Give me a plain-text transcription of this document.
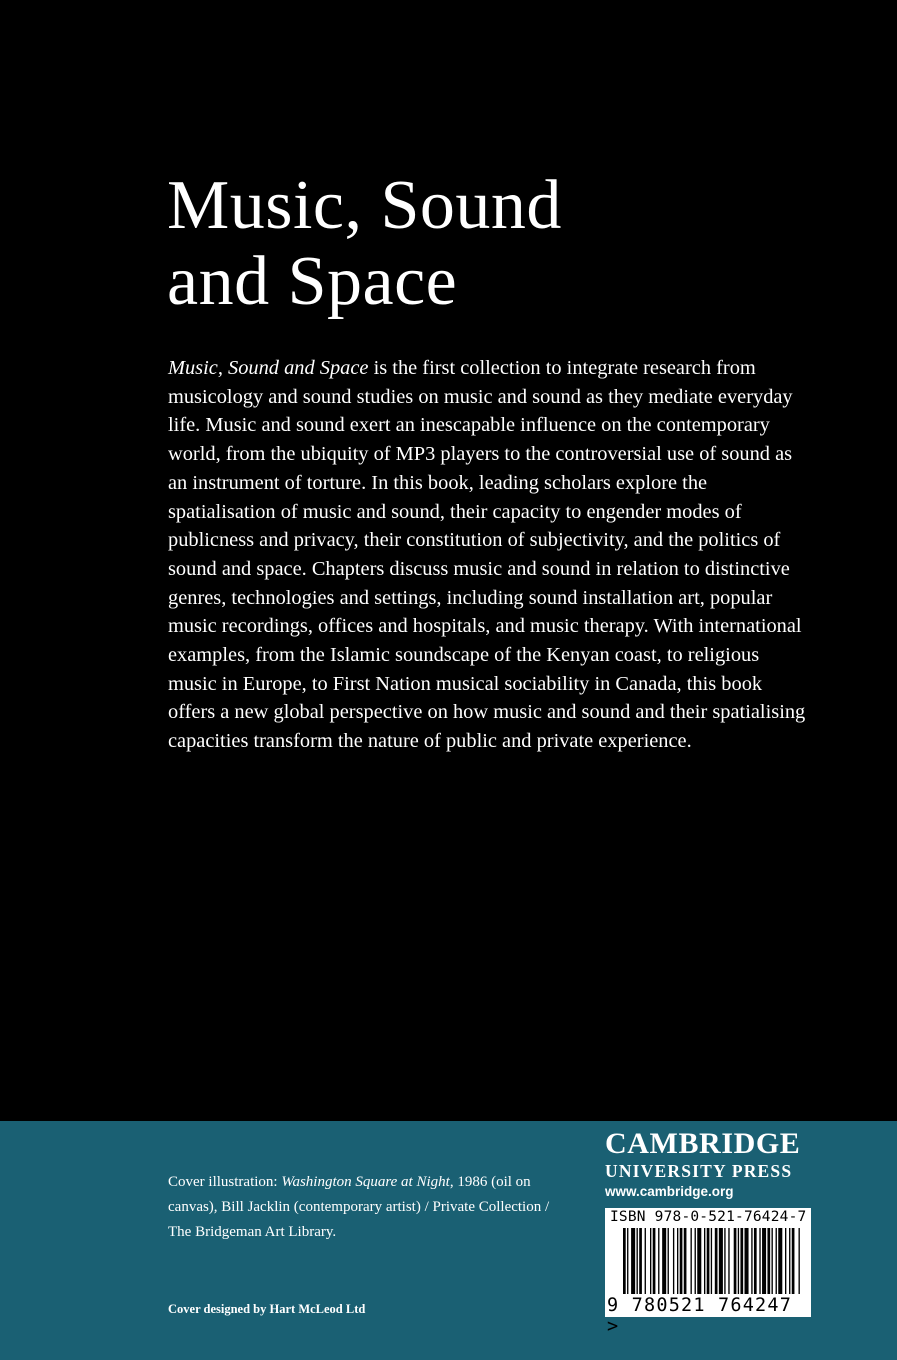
Music, Sound
and Space

Music, Sound and Space is the first collection to integrate research from musicology and sound studies on music and sound as they mediate everyday life. Music and sound exert an inescapable influence on the contemporary world, from the ubiquity of MP3 players to the controversial use of sound as an instrument of torture. In this book, leading scholars explore the spatialisation of music and sound, their capacity to engender modes of publicness and privacy, their constitution of subjectivity, and the politics of sound and space. Chapters discuss music and sound in relation to distinctive genres, technologies and settings, including sound installation art, popular music recordings, offices and hospitals, and music therapy. With international examples, from the Islamic soundscape of the Kenyan coast, to religious music in Europe, to First Nation musical sociability in Canada, this book offers a new global perspective on how music and sound and their spatialising capacities transform the nature of public and private experience.

Cover illustration: Washington Square at Night, 1986 (oil on canvas), Bill Jacklin (contemporary artist) / Private Collection / The Bridgeman Art Library.

Cover designed by Hart McLeod Ltd

CAMBRIDGE

UNIVERSITY PRESS

www.cambridge.org

ISBN 978-0-521-76424-7
9 780521 764247 >
